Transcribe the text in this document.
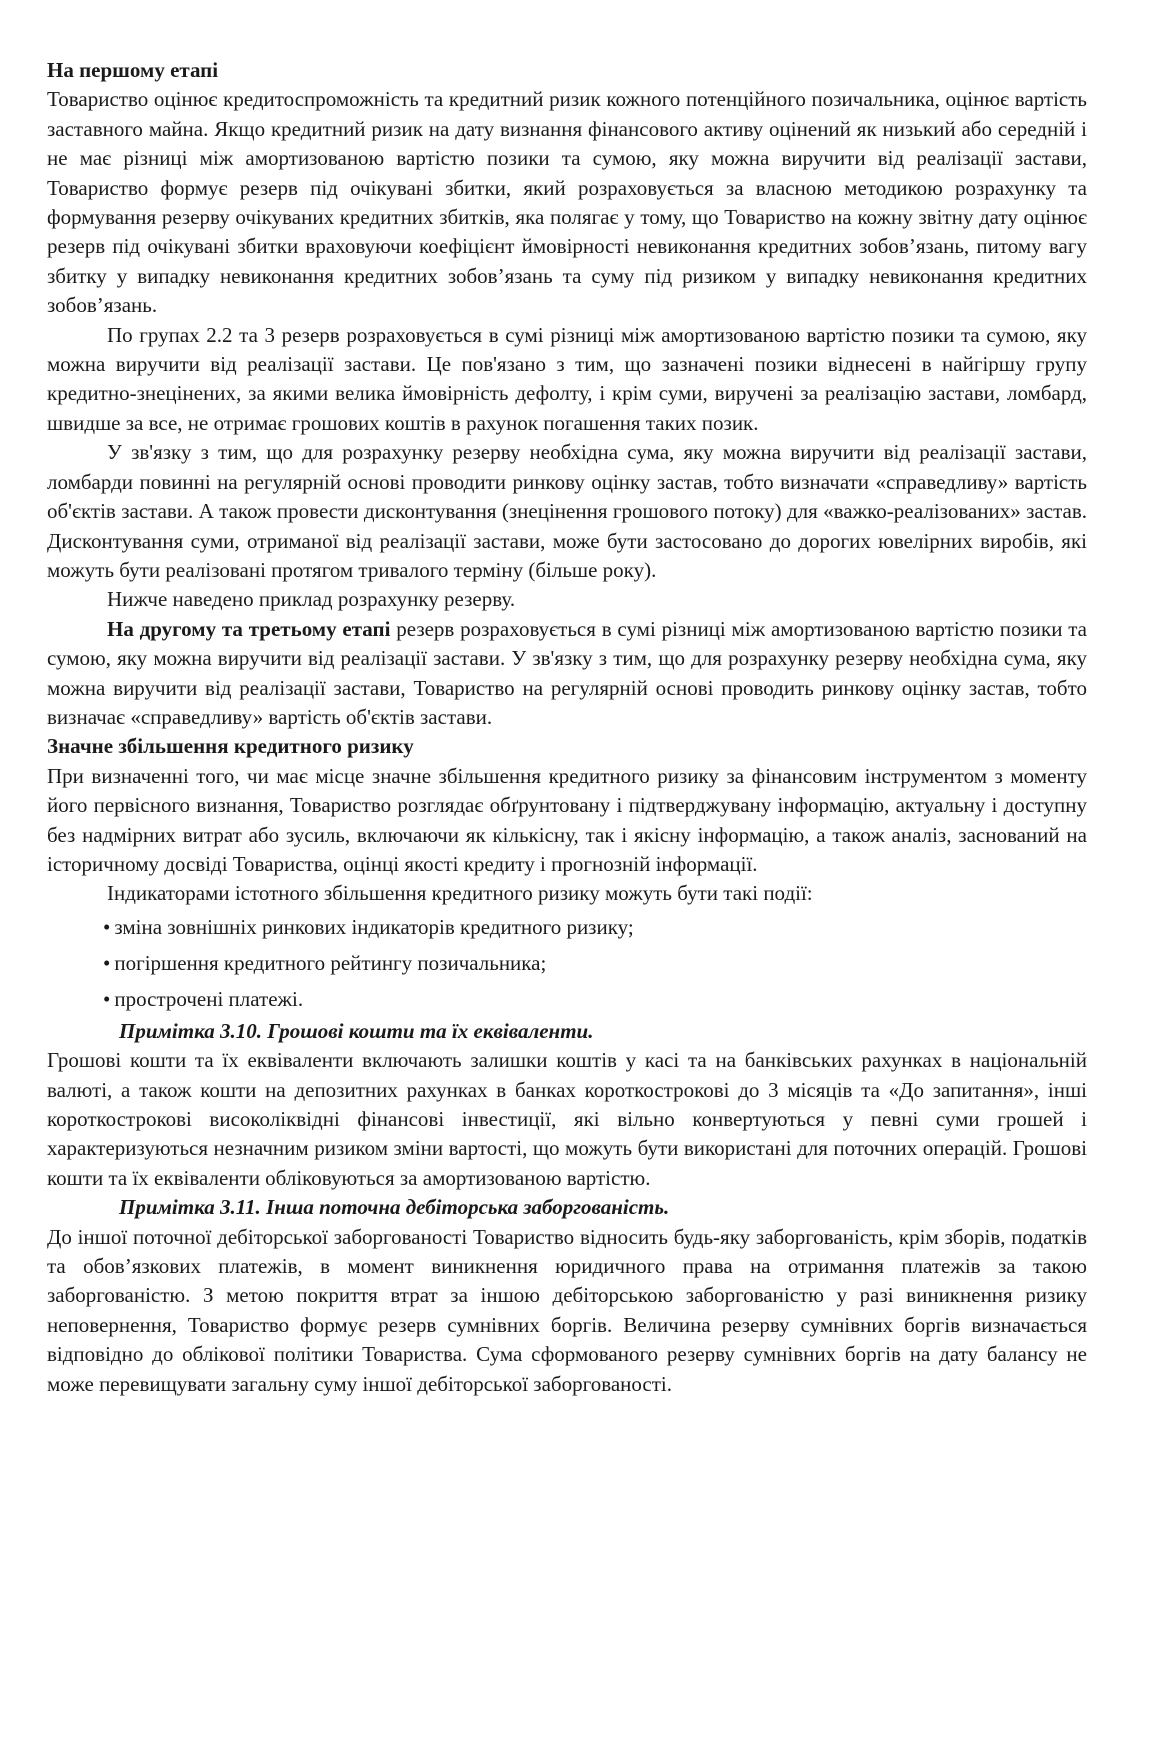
На першому етапі

Товариство оцінює кредитоспроможність та кредитний ризик кожного потенційного позичальника, оцінює вартість заставного майна. Якщо кредитний ризик на дату визнання фінансового активу оцінений як низький або середній і не має різниці між амортизованою вартістю позики та сумою, яку можна виручити від реалізації застави, Товариство формує резерв під очікувані збитки, який розраховується за власною методикою розрахунку та формування резерву очікуваних кредитних збитків, яка полягає у тому, що Товариство на кожну звітну дату оцінює резерв під очікувані збитки враховуючи коефіцієнт ймовірності невиконання кредитних зобов’язань, питому вагу збитку у випадку невиконання кредитних зобов’язань та суму під ризиком у випадку невиконання кредитних зобов’язань.

По групах 2.2 та 3 резерв розраховується в сумі різниці між амортизованою вартістю позики та сумою, яку можна виручити від реалізації застави. Це пов'язано з тим, що зазначені позики віднесені в найгіршу групу кредитно-знецінених, за якими велика ймовірність дефолту, і крім суми, виручені за реалізацію застави, ломбард, швидше за все, не отримає грошових коштів в рахунок погашення таких позик.

У зв'язку з тим, що для розрахунку резерву необхідна сума, яку можна виручити від реалізації застави, ломбарди повинні на регулярній основі проводити ринкову оцінку застав, тобто визначати «справедливу» вартість об'єктів застави. А також провести дисконтування (знецінення грошового потоку) для «важко-реалізованих» застав. Дисконтування суми, отриманої від реалізації застави, може бути застосовано до дорогих ювелірних виробів, які можуть бути реалізовані протягом тривалого терміну (більше року).

Нижче наведено приклад розрахунку резерву.

На другому та третьому етапі резерв розраховується в сумі різниці між амортизованою вартістю позики та сумою, яку можна виручити від реалізації застави. У зв'язку з тим, що для розрахунку резерву необхідна сума, яку можна виручити від реалізації застави, Товариство на регулярній основі проводить ринкову оцінку застав, тобто визначає «справедливу» вартість об'єктів застави.

Значне збільшення кредитного ризику

При визначенні того, чи має місце значне збільшення кредитного ризику за фінансовим інструментом з моменту його первісного визнання, Товариство розглядає обґрунтовану і підтверджувану інформацію, актуальну і доступну без надмірних витрат або зусиль, включаючи як кількісну, так і якісну інформацію, а також аналіз, заснований на історичному досвіді Товариства, оцінці якості кредиту і прогнозній інформації.

Індикаторами істотного збільшення кредитного ризику можуть бути такі події:

• зміна зовнішніх ринкових індикаторів кредитного ризику;
• погіршення кредитного рейтингу позичальника;
• прострочені платежі.

Примітка 3.10. Грошові кошти та їх еквіваленти.

Грошові кошти та їх еквіваленти включають залишки коштів у касі та на банківських рахунках в національній валюті, а також кошти на депозитних рахунках в банках короткострокові до 3 місяців та «До запитання», інші короткострокові високоліквідні фінансові інвестиції, які вільно конвертуються у певні суми грошей і характеризуються незначним ризиком зміни вартості, що можуть бути використані для поточних операцій. Грошові кошти та їх еквіваленти обліковуються за амортизованою вартістю.

Примітка 3.11. Інша поточна дебіторська заборгованість.

До іншої поточної дебіторської заборгованості Товариство відносить будь-яку заборгованість, крім зборів, податків та обов’язкових платежів, в момент виникнення юридичного права на отримання платежів за такою заборгованістю. З метою покриття втрат за іншою дебіторською заборгованістю у разі виникнення ризику неповернення, Товариство формує резерв сумнівних боргів. Величина резерву сумнівних боргів визначається відповідно до облікової політики Товариства. Сума сформованого резерву сумнівних боргів на дату балансу не може перевищувати загальну суму іншої дебіторської заборгованості.
